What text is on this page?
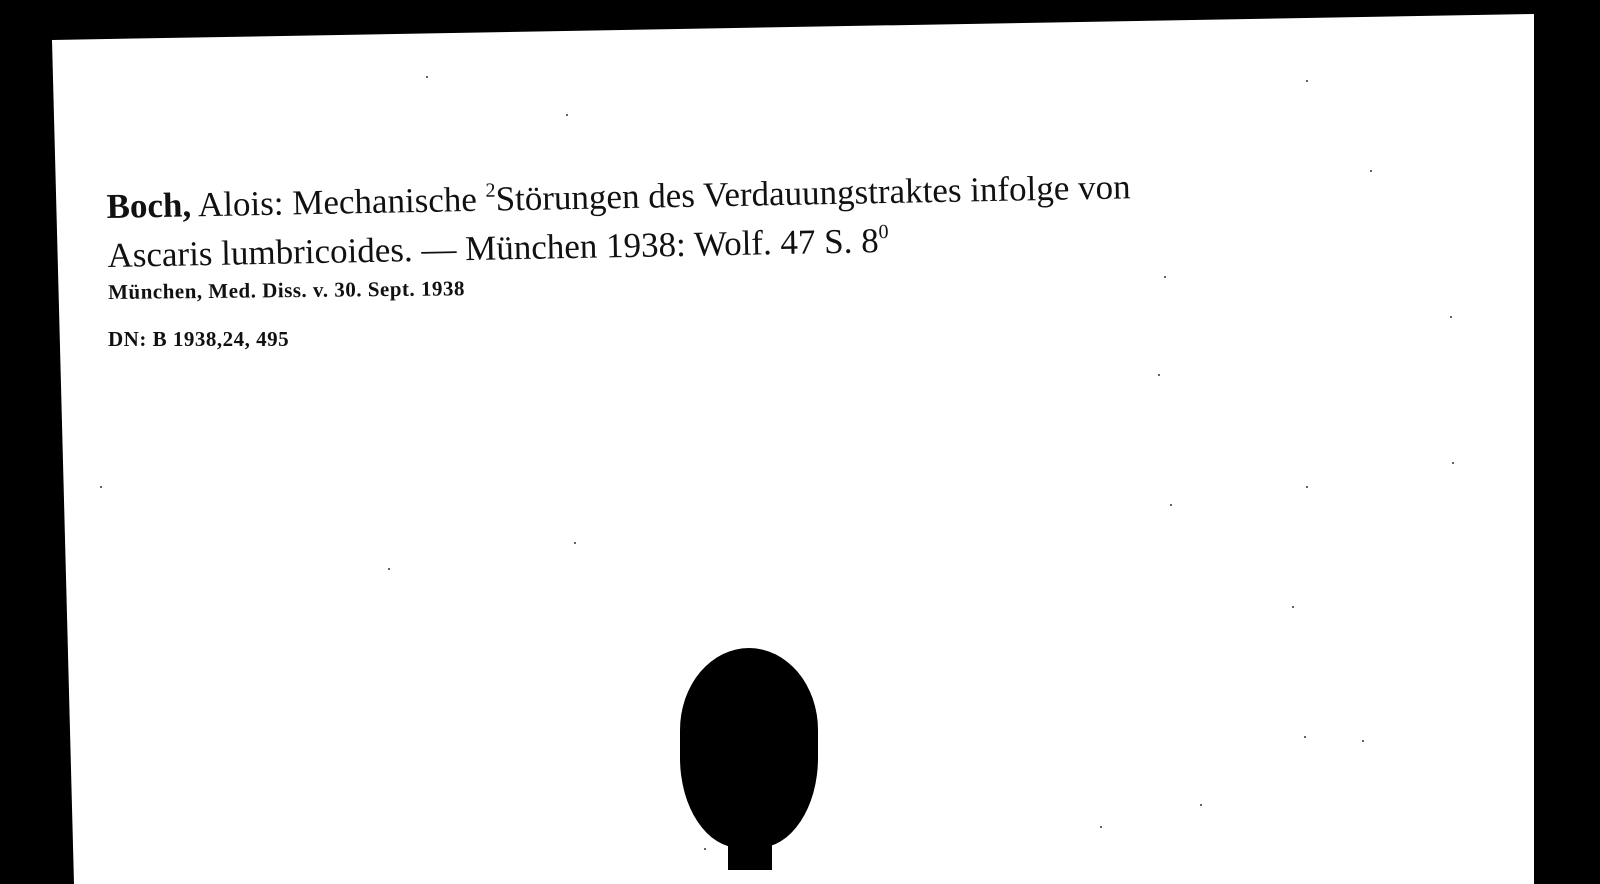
Boch, Alois: Mechanische $^2$Störungen des Verdauungstraktes infolge von
Ascaris lumbricoides. — München 1938: Wolf. 47 S. $8^0$
München, Med. Diss. v. 30. Sept. 1938
DN: B 1938,24, 495
